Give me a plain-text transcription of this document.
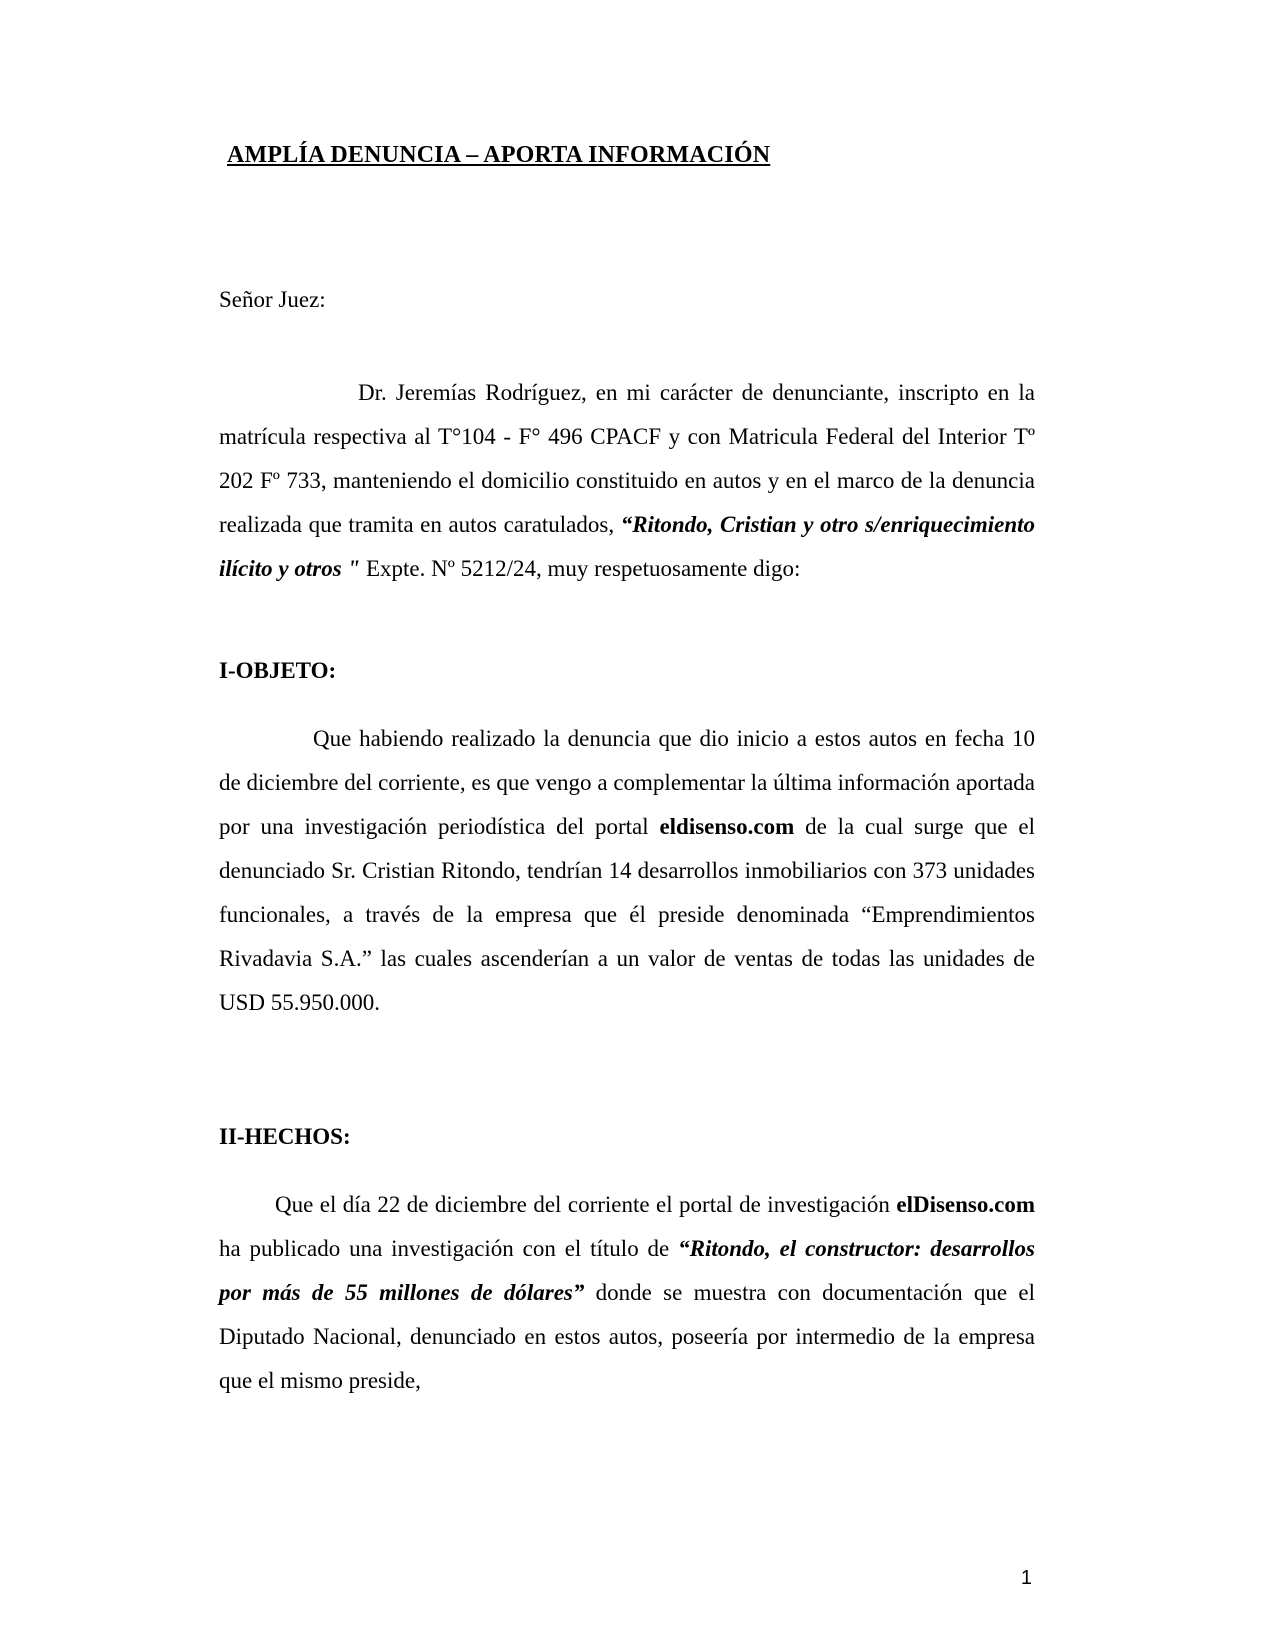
AMPLÍA DENUNCIA – APORTA INFORMACIÓN

Señor Juez:

Dr. Jeremías Rodríguez, en mi carácter de denunciante, inscripto en la matrícula respectiva al T°104 - F° 496 CPACF y con Matricula Federal del Interior Tº 202 Fº 733, manteniendo el domicilio constituido en autos y en el marco de la denuncia realizada que tramita en autos caratulados, “Ritondo, Cristian y otro s/enriquecimiento ilícito y otros " Expte. Nº 5212/24, muy respetuosamente digo:

I-OBJETO:

Que habiendo realizado la denuncia que dio inicio a estos autos en fecha 10 de diciembre del corriente, es que vengo a complementar la última información aportada por una investigación periodística del portal eldisenso.com de la cual surge que el denunciado Sr. Cristian Ritondo, tendrían 14 desarrollos inmobiliarios con 373 unidades funcionales, a través de la empresa que él preside denominada “Emprendimientos Rivadavia S.A.” las cuales ascenderían a un valor de ventas de todas las unidades de USD 55.950.000.

II-HECHOS:

Que el día 22 de diciembre del corriente el portal de investigación elDisenso.com ha publicado una investigación con el título de “Ritondo, el constructor: desarrollos por más de 55 millones de dólares” donde se muestra con documentación que el Diputado Nacional, denunciado en estos autos, poseería por intermedio de la empresa que el mismo preside,

1
